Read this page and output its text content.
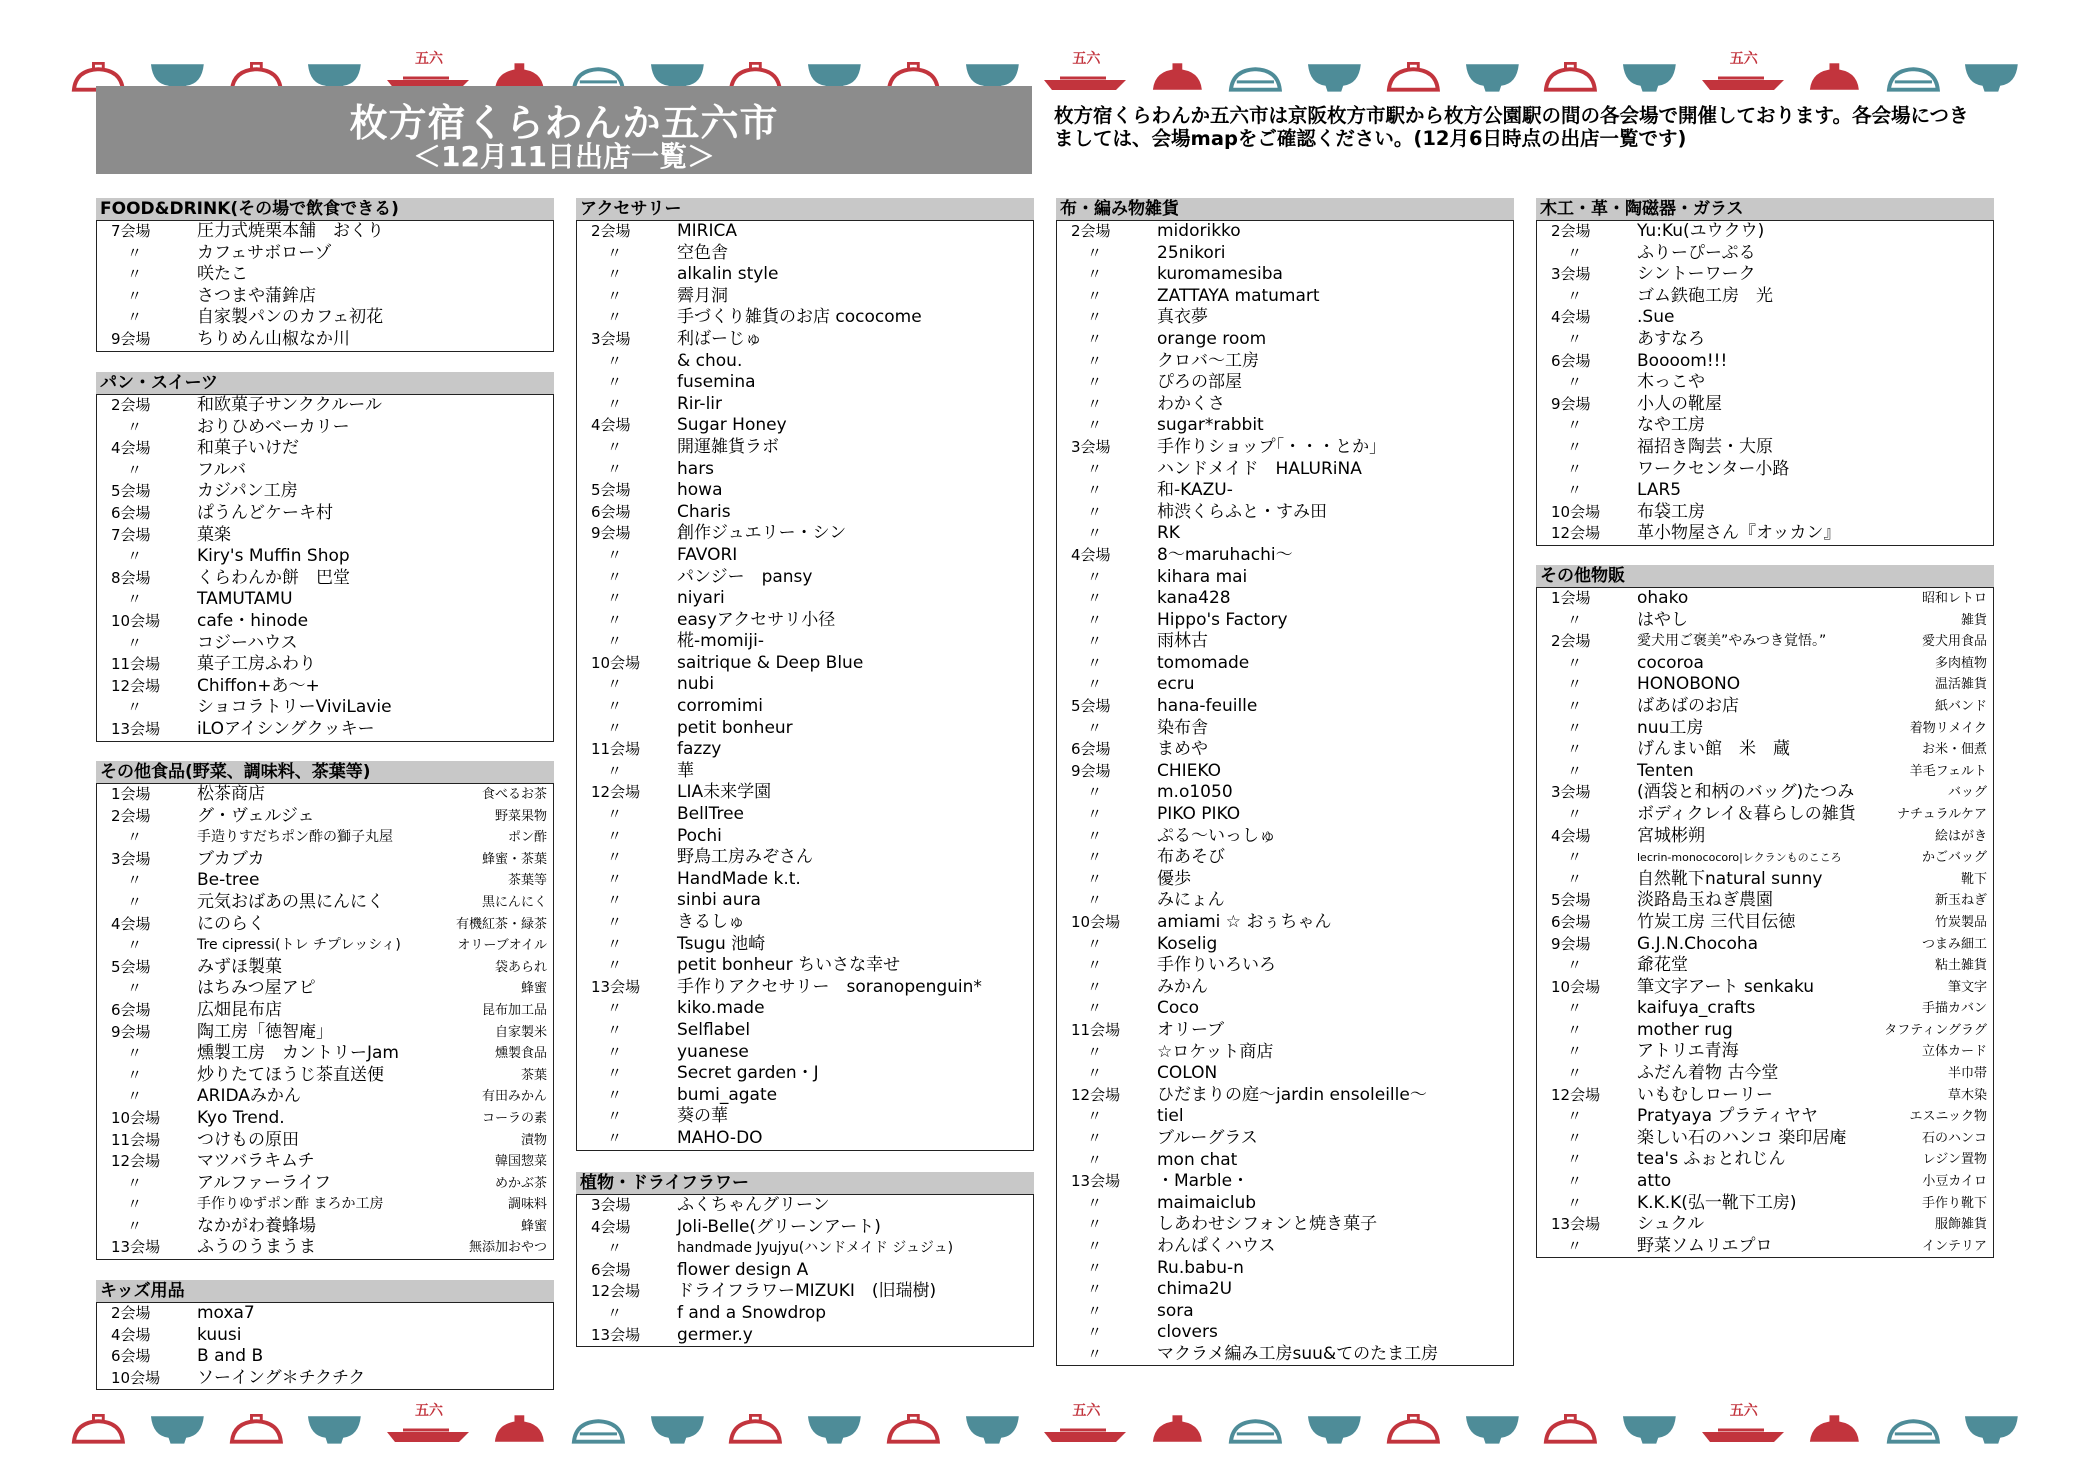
五六	五六	五六
五六	五六	五六
枚方宿くらわんか五六市
＜12月11日出店一覧＞
枚方宿くらわんか五六市は京阪枚方市駅から枚方公園駅の間の各会場で開催しております。各会場につきましては、会場mapをご確認ください。(12月6日時点の出店一覧です)
FOOD&DRINK(その場で飲食できる)
7会場	圧力式焼栗本舗　おくり
〃	カフェサボローゾ
〃	咲たこ
〃	さつまや蒲鉾店
〃	自家製パンのカフェ初花
9会場	ちりめん山椒なか川
パン・スイーツ
2会場	和欧菓子サンククルール
〃	おりひめベーカリー
4会場	和菓子いけだ
〃	フルバ
5会場	カジパン工房
6会場	ぱうんどケーキ村
7会場	菓楽
〃	Kiry's Muffin Shop
8会場	くらわんか餅　巴堂
〃	TAMUTAMU
10会場 cafe・hinode
〃	コジーハウス
11会場 菓子工房ふわり
12会場 Chiffon+あ～+
〃	ショコラトリーViviLavie
13会場 iLOアイシングクッキー
その他食品(野菜、調味料、茶葉等)
1会場	松茶商店	食べるお茶
2会場	グ・ヴェルジェ	野菜果物
〃	手造りすだちポン酢の獅子丸屋	ポン酢
3会場	ブカブカ	蜂蜜・茶葉
〃	Be-tree	茶葉等
〃	元気おばあの黒にんにく	黒にんにく
4会場	にのらく	有機紅茶・緑茶
〃	Tre cipressi(トレ チプレッシィ)	オリーブオイル
5会場	みずほ製菓	袋あられ
〃	はちみつ屋アピ	蜂蜜
6会場	広畑昆布店	昆布加工品
9会場	陶工房「徳智庵」	自家製米
〃	燻製工房　カントリーJam	燻製食品
〃	炒りたてほうじ茶直送便	茶葉
〃	ARIDAみかん	有田みかん
10会場 Kyo Trend.	コーラの素
11会場 つけもの原田	漬物
12会場 マツバラキムチ	韓国惣菜
〃	アルファーライフ	めかぶ茶
〃	手作りゆずポン酢 まろか工房	調味料
〃	なかがわ養蜂場	蜂蜜
13会場 ふうのうまうま	無添加おやつ
キッズ用品
2会場	moxa7
4会場	kuusi
6会場	B and B
10会場 ソーイング＊チクチク
アクセサリー
2会場	MIRICA
〃	空色舎
〃	alkalin style
〃	霽月洞
〃	手づくり雑貨のお店 cococome
3会場	利ばーじゅ
〃	& chou.
〃	fusemina
〃	Rir-lir
4会場	Sugar Honey
〃	開運雑貨ラボ
〃	hars
5会場	howa
6会場	Charis
9会場	創作ジュエリー・シン
〃	FAVORI
〃	パンジー　pansy
〃	niyari
〃	easyアクセサリ小径
〃	椛-momiji-
10会場 saitrique & Deep Blue
〃	nubi
〃	corromimi
〃	petit bonheur
11会場 fazzy
〃	華
12会場 LIA未来学園
〃	BellTree
〃	Pochi
〃	野鳥工房みぞさん
〃	HandMade k.t.
〃	sinbi aura
〃	きるしゅ
〃	Tsugu 池崎
〃	petit bonheur ちいさな幸せ
13会場 手作りアクセサリー　soranopenguin*
〃	kiko.made
〃	Selflabel
〃	yuanese
〃	Secret garden・J
〃	bumi_agate
〃	葵の華
〃	MAHO-DO
植物・ドライフラワー
3会場	ふくちゃんグリーン
4会場	Joli-Belle(グリーンアート)
〃	handmade Jyujyu(ハンドメイド ジュジュ)
6会場	flower design A
12会場 ドライフラワーMIZUKI　(旧瑞樹)
〃	f and a Snowdrop
13会場 germer.y
布・編み物雑貨
2会場	midorikko
〃	25nikori
〃	kuromamesiba
〃	ZATTAYA matumart
〃	真衣夢
〃	orange room
〃	クロバ～工房
〃	ぴろの部屋
〃	わかくさ
〃	sugar*rabbit
3会場	手作りショップ｢・・・とか｣
〃	ハンドメイド　HALURiNA
〃	和-KAZU-
〃	柿渋くらふと・すみ田
〃	RK
4会場	8～maruhachi～
〃	kihara mai
〃	kana428
〃	Hippo's Factory
〃	雨林古
〃	tomomade
〃	ecru
5会場	hana-feuille
〃	染布舎
6会場	まめや
9会場	CHIEKO
〃	m.o1050
〃	PIKO PIKO
〃	ぷる～いっしゅ
〃	布あそび
〃	優歩
〃	みにょん
10会場 amiami ☆ おぅちゃん
〃	Koselig
〃	手作りいろいろ
〃	みかん
〃	Coco
11会場 オリーブ
〃	☆ロケット商店
〃	COLON
12会場 ひだまりの庭～jardin ensoleille～
〃	tiel
〃	ブルーグラス
〃	mon chat
13会場 ・Marble・
〃	maimaiclub
〃	しあわせシフォンと焼き菓子
〃	わんぱくハウス
〃	Ru.babu-n
〃	chima2U
〃	sora
〃	clovers
〃	マクラメ編み工房suu&てのたま工房
木工・革・陶磁器・ガラス
2会場	Yu:Ku(ユウクウ)
〃	ふりーぴーぷる
3会場	シントーワーク
〃	ゴム鉄砲工房　光
4会場	.Sue
〃	あすなろ
6会場	Boooom!!!
〃	木っこや
9会場	小人の靴屋
〃	なや工房
〃	福招き陶芸・大原
〃	ワークセンター小路
〃	LAR5
10会場 布袋工房
12会場 革小物屋さん『オッカン』
その他物販
1会場	ohako	昭和レトロ
〃	はやし	雑貨
2会場	愛犬用ご褒美”やみつき覚悟。”	愛犬用食品
〃	cocoroa	多肉植物
〃	HONOBONO	温活雑貨
〃	ばあばのお店	紙バンド
〃	nuu工房	着物リメイク
〃	げんまい館　米　蔵	お米・佃煮
〃	Tenten	羊毛フェルト
3会場	(酒袋と和柄のバッグ)たつみ	バッグ
〃	ボディクレイ＆暮らしの雑貨	ナチュラルケア
4会場	宮城彬朔	絵はがき
〃	lecrin-monococoro|レクランものこころ	かごバッグ
〃	自然靴下natural sunny	靴下
5会場	淡路島玉ねぎ農園	新玉ねぎ
6会場	竹炭工房 三代目伝徳	竹炭製品
9会場	G.J.N.Chocoha	つまみ細工
〃	爺花堂	粘土雑貨
10会場 筆文字アート senkaku	筆文字
〃	kaifuya_crafts	手描カバン
〃	mother rug	タフティングラグ
〃	アトリエ青海	立体カード
〃	ふだん着物 古今堂	半巾帯
12会場 いもむしローリー	草木染
〃	Pratyaya プラティヤヤ	エスニック物
〃	楽しい石のハンコ 楽印居庵	石のハンコ
〃	tea's ふぉとれじん	レジン置物
〃	atto	小豆カイロ
〃	K.K.K(弘一靴下工房)	手作り靴下
13会場 シュクル	服飾雑貨
〃	野菜ソムリエプロ	インテリア
